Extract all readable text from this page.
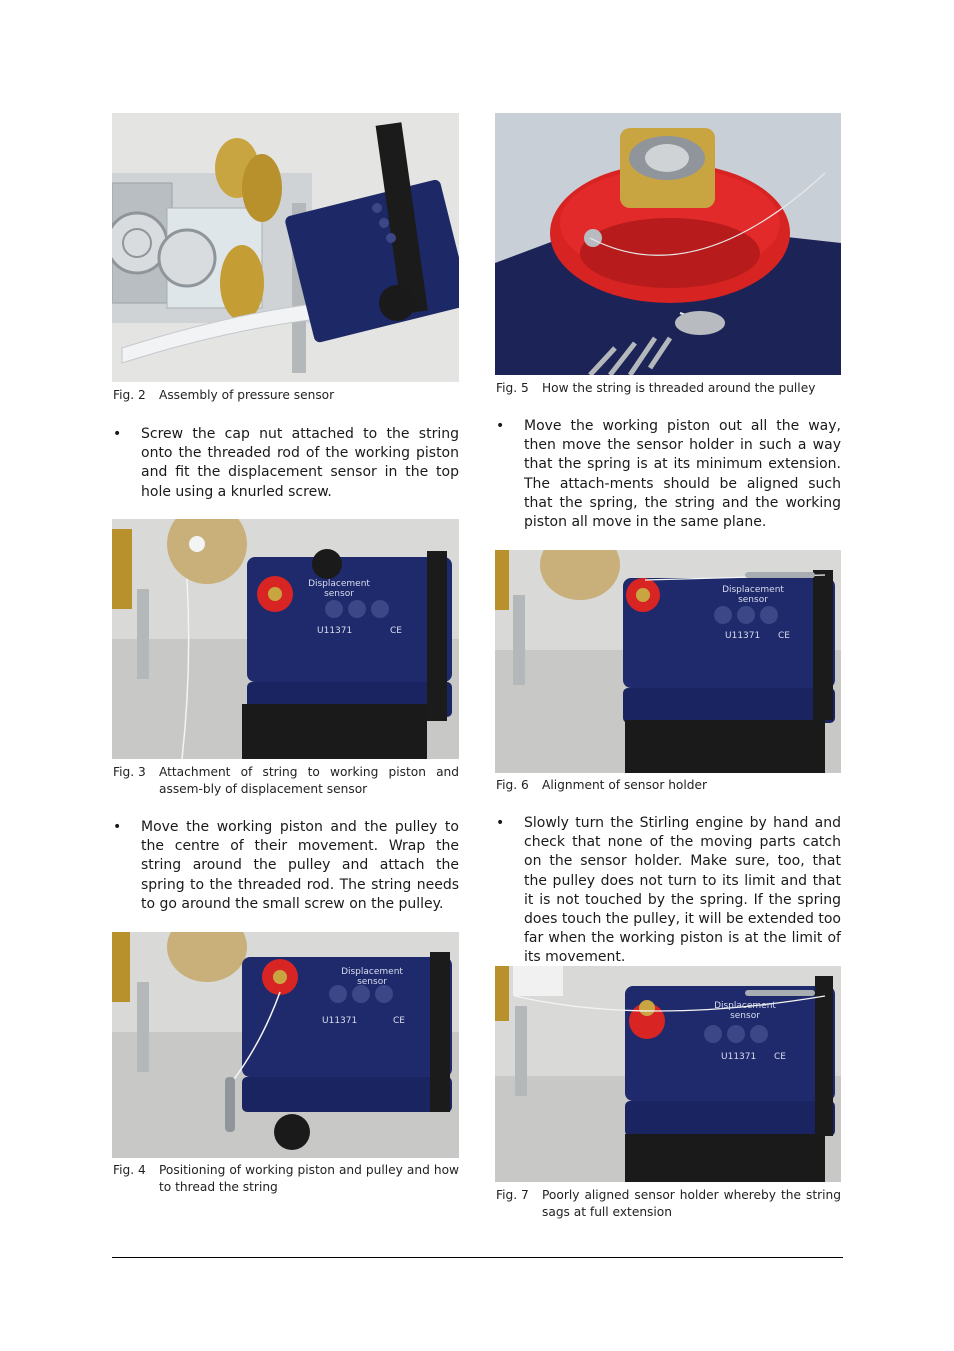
Fig. 2 Assembly of pressure sensor
• Screw the cap nut attached to the string onto the threaded rod of the working piston and fit the displacement sensor in the top hole using a knurled screw.
Displacement
sensor
U11371	CE
Fig. 3 Attachment of string to working piston and assem-bly of displacement sensor
• Move the working piston and the pulley to the centre of their movement. Wrap the string around the pulley and attach the spring to the threaded rod. The string needs to go around the small screw on the pulley.
Displacement
sensor
U11371	CE
Fig. 4 Positioning of working piston and pulley and how to thread the string
Fig. 5 How the string is threaded around the pulley
• Move the working piston out all the way, then move the sensor holder in such a way that the spring is at its minimum extension. The attach-ments should be aligned such that the spring, the string and the working piston all move in the same plane.
Displacement
sensor
U11371 CE
Fig. 6 Alignment of sensor holder
• Slowly turn the Stirling engine by hand and check that none of the moving parts catch on the sensor holder. Make sure, too, that the pulley does not turn to its limit and that it is not touched by the spring. If the spring does touch the pulley, it will be extended too far when the working piston is at the limit of its movement.
Displacement
sensor
U11371 CE
Fig. 7 Poorly aligned sensor holder whereby the string sags at full extension
